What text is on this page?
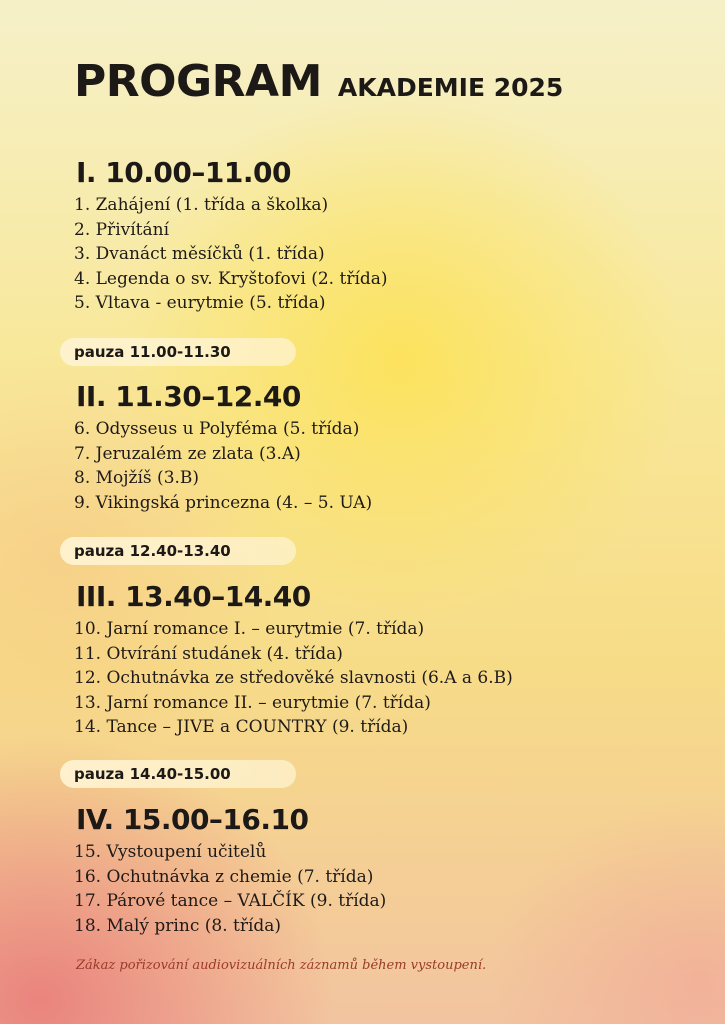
PROGRAM AKADEMIE 2025
I. 10.00–11.00
1. Zahájení (1. třída a školka)
2. Přivítání
3. Dvanáct měsíčků (1. třída)
4. Legenda o sv. Kryštofovi (2. třída)
5. Vltava - eurytmie (5. třída)
pauza 11.00-11.30
II. 11.30–12.40
6. Odysseus u Polyféma (5. třída)
7. Jeruzalém ze zlata (3.A)
8. Mojžíš (3.B)
9. Vikingská princezna (4. – 5. UA)
pauza 12.40-13.40
III. 13.40–14.40
10. Jarní romance I. – eurytmie (7. třída)
11. Otvírání studánek (4. třída)
12. Ochutnávka ze středověké slavnosti (6.A a 6.B)
13. Jarní romance II. – eurytmie (7. třída)
14. Tance – JIVE a COUNTRY (9. třída)
pauza 14.40-15.00
IV. 15.00–16.10
15. Vystoupení učitelů
16. Ochutnávka z chemie (7. třída)
17. Párové tance – VALČÍK (9. třída)
18. Malý princ (8. třída)
Zákaz pořizování audiovizuálních záznamů během vystoupení.
